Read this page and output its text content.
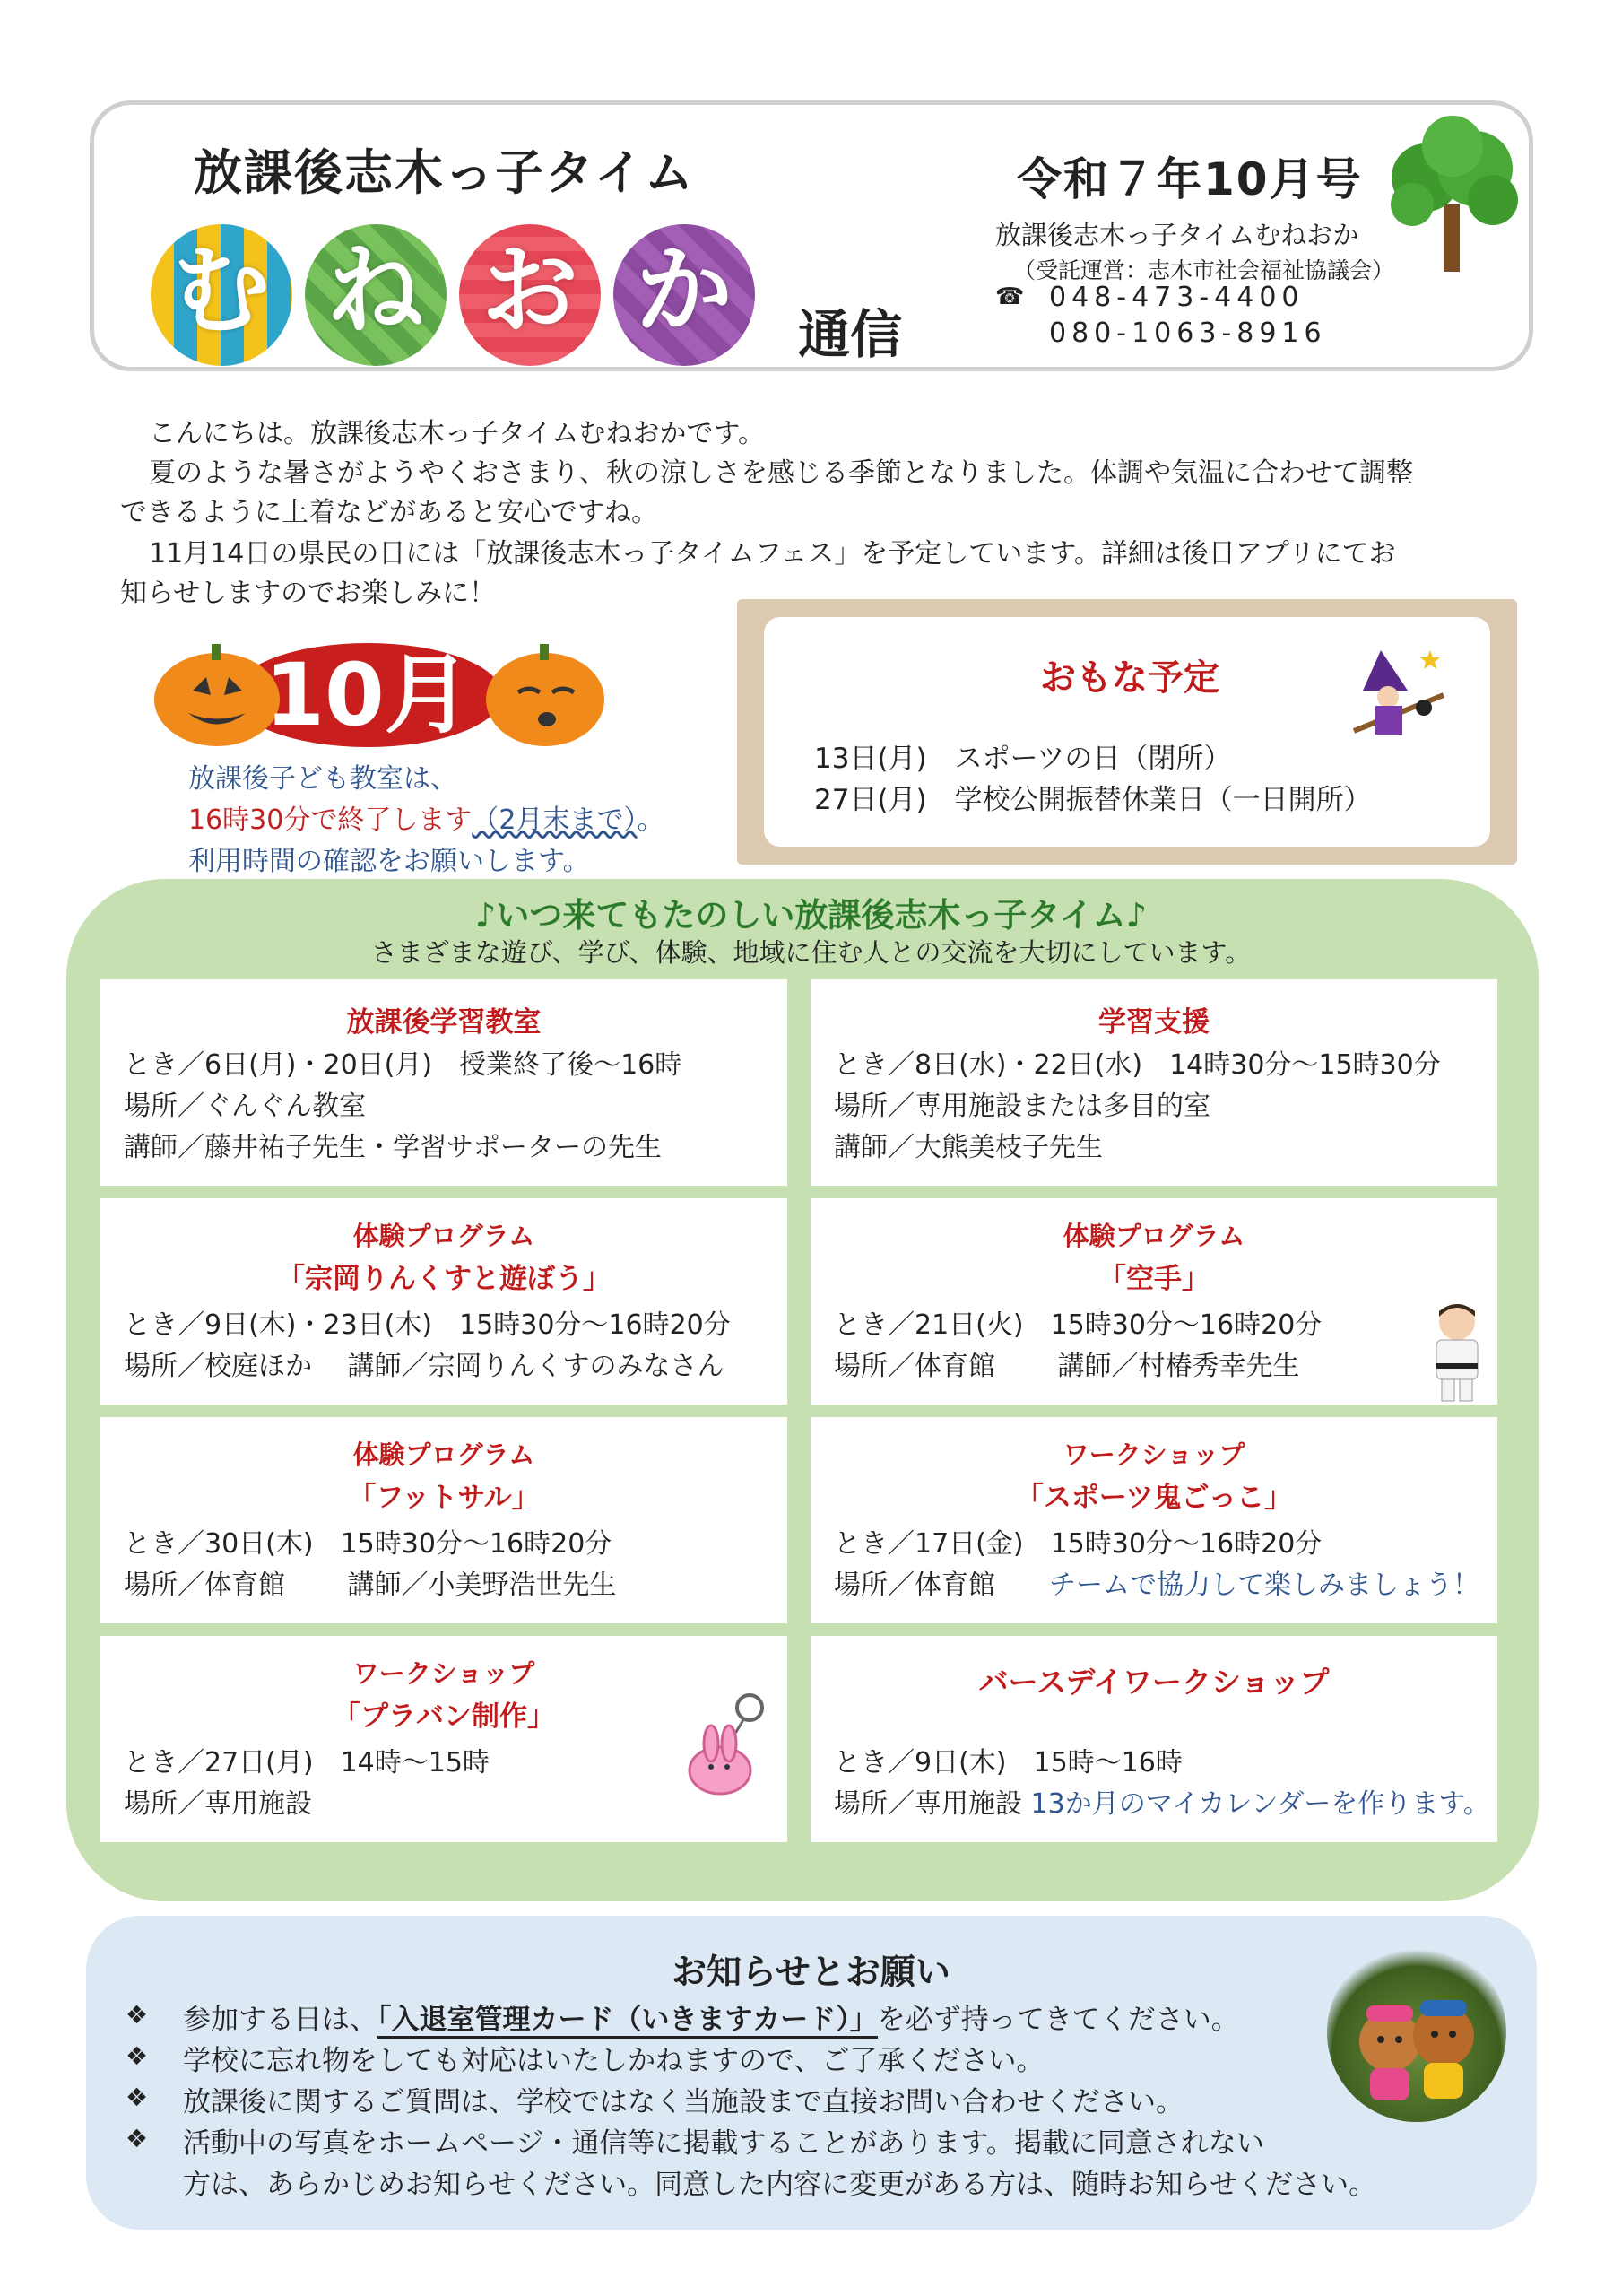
放課後志木っ子タイム
む ね お か	通信
令和７年10月号
放課後志木っ子タイムむねおか
（受託運営：志木市社会福祉協議会）
☎ 048-473-4400
080-1063-8916
こんにちは。放課後志木っ子タイムむねおかです。
夏のような暑さがようやくおさまり、秋の涼しさを感じる季節となりました。体調や気温に合わせて調整
できるように上着などがあると安心ですね。
11月14日の県民の日には「放課後志木っ子タイムフェス」を予定しています。詳細は後日アプリにてお
知らせしますのでお楽しみに！
10月
放課後子ども教室は、
16時30分で終了します（2月末まで）。
利用時間の確認をお願いします。
おもな予定
13日(月)　スポーツの日（閉所）
27日(月)　学校公開振替休業日（一日開所）
♪いつ来てもたのしい放課後志木っ子タイム♪
さまざまな遊び、学び、体験、地域に住む人との交流を大切にしています。
放課後学習教室
とき／6日(月)・20日(月)　授業終了後～16時
場所／ぐんぐん教室
講師／藤井祐子先生・学習サポーターの先生
学習支援
とき／8日(水)・22日(水)　14時30分～15時30分
場所／専用施設または多目的室
講師／大熊美枝子先生
体験プログラム
「宗岡りんくすと遊ぼう」
とき／9日(木)・23日(木)　15時30分～16時20分
場所／校庭ほか　 講師／宗岡りんくすのみなさん
体験プログラム
「空手」
とき／21日(火)　15時30分～16時20分
場所／体育館　　 講師／村椿秀幸先生
体験プログラム
「フットサル」
とき／30日(木)　15時30分～16時20分
場所／体育館　　 講師／小美野浩世先生
ワークショップ
「スポーツ鬼ごっこ」
とき／17日(金)　15時30分～16時20分
場所／体育館　　チームで協力して楽しみましょう！
ワークショップ
「プラバン制作」
とき／27日(月)　14時～15時
場所／専用施設
バースデイワークショップ
とき／9日(木)　15時～16時
場所／専用施設 13か月のマイカレンダーを作ります。
お知らせとお願い
❖ 参加する日は、「入退室管理カード（いきますカード）」を必ず持ってきてください。
❖ 学校に忘れ物をしても対応はいたしかねますので、ご了承ください。
❖ 放課後に関するご質問は、学校ではなく当施設まで直接お問い合わせください。
❖ 活動中の写真をホームページ・通信等に掲載することがあります。掲載に同意されない
方は、あらかじめお知らせください。同意した内容に変更がある方は、随時お知らせください。
